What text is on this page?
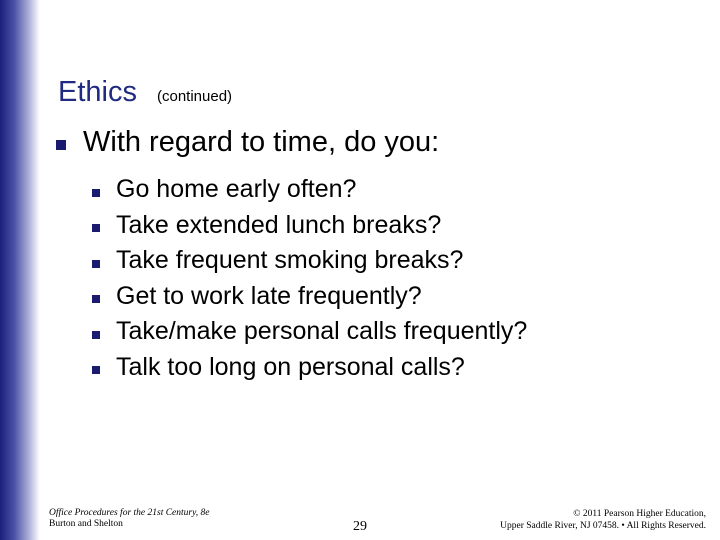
Ethics (continued)
With regard to time, do you:
Go home early often?
Take extended lunch breaks?
Take frequent smoking breaks?
Get to work late frequently?
Take/make personal calls frequently?
Talk too long on personal calls?
Office Procedures for the 21st Century, 8e
Burton and Shelton	29
© 2011 Pearson Higher Education,
Upper Saddle River, NJ 07458. • All Rights Reserved.
